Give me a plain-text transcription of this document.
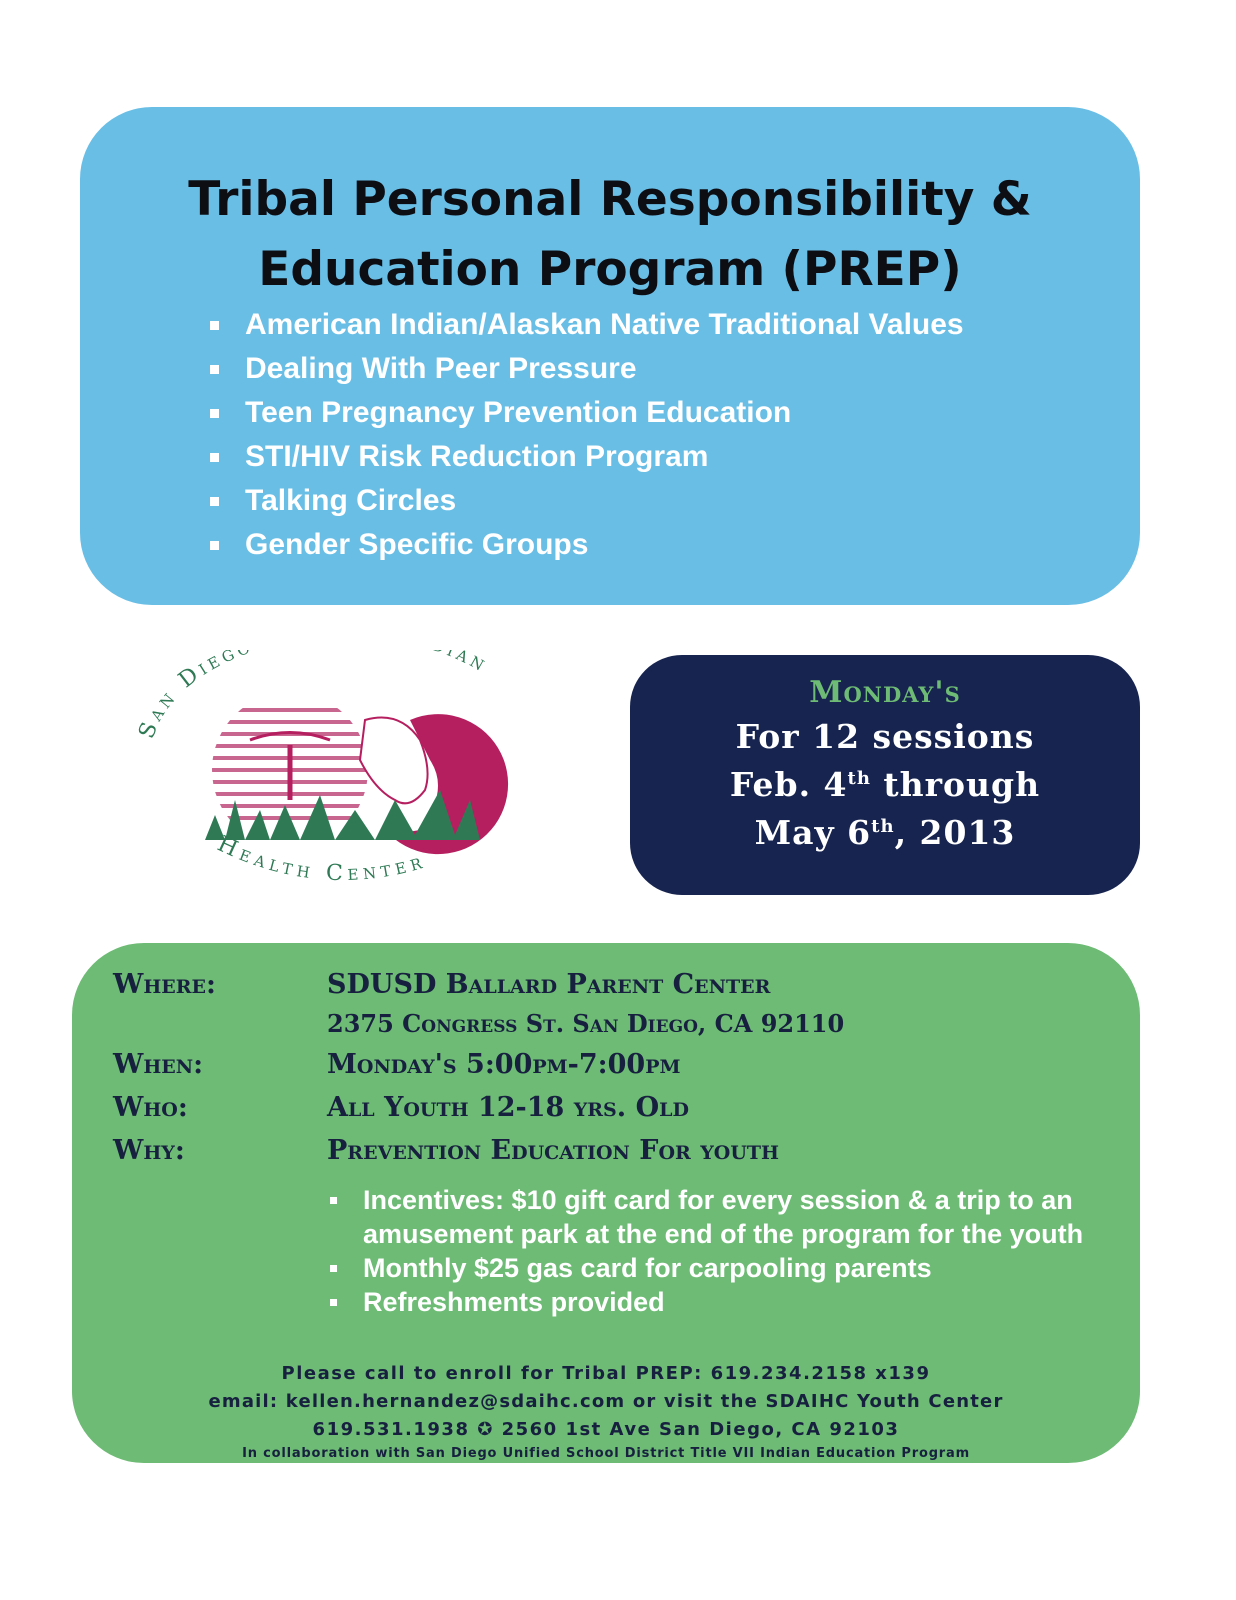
Tribal Personal Responsibility &
Education Program (PREP)
American Indian/Alaskan Native Traditional Values
Dealing With Peer Pressure
Teen Pregnancy Prevention Education
STI/HIV Risk Reduction Program
Talking Circles
Gender Specific Groups
San Dieg ian
Health Center
Monday's
For 12 sessions
Feb. 4th through
May 6th, 2013
Where:	SDUSD Ballard Parent Center
2375 Congress St. San Diego, CA 92110
When:	Monday's 5:00pm-7:00pm
Who:	All Youth 12-18 yrs. Old
Why:	Prevention Education For youth
Incentives: $10 gift card for every session & a trip to an amusement park at the end of the program for the youth
Monthly $25 gas card for carpooling parents
Refreshments provided
Please call to enroll for Tribal PREP: 619.234.2158 x139
email: kellen.hernandez@sdaihc.com or visit the SDAIHC Youth Center
619.531.1938 ✪ 2560 1st Ave San Diego, CA 92103
In collaboration with San Diego Unified School District Title VII Indian Education Program
